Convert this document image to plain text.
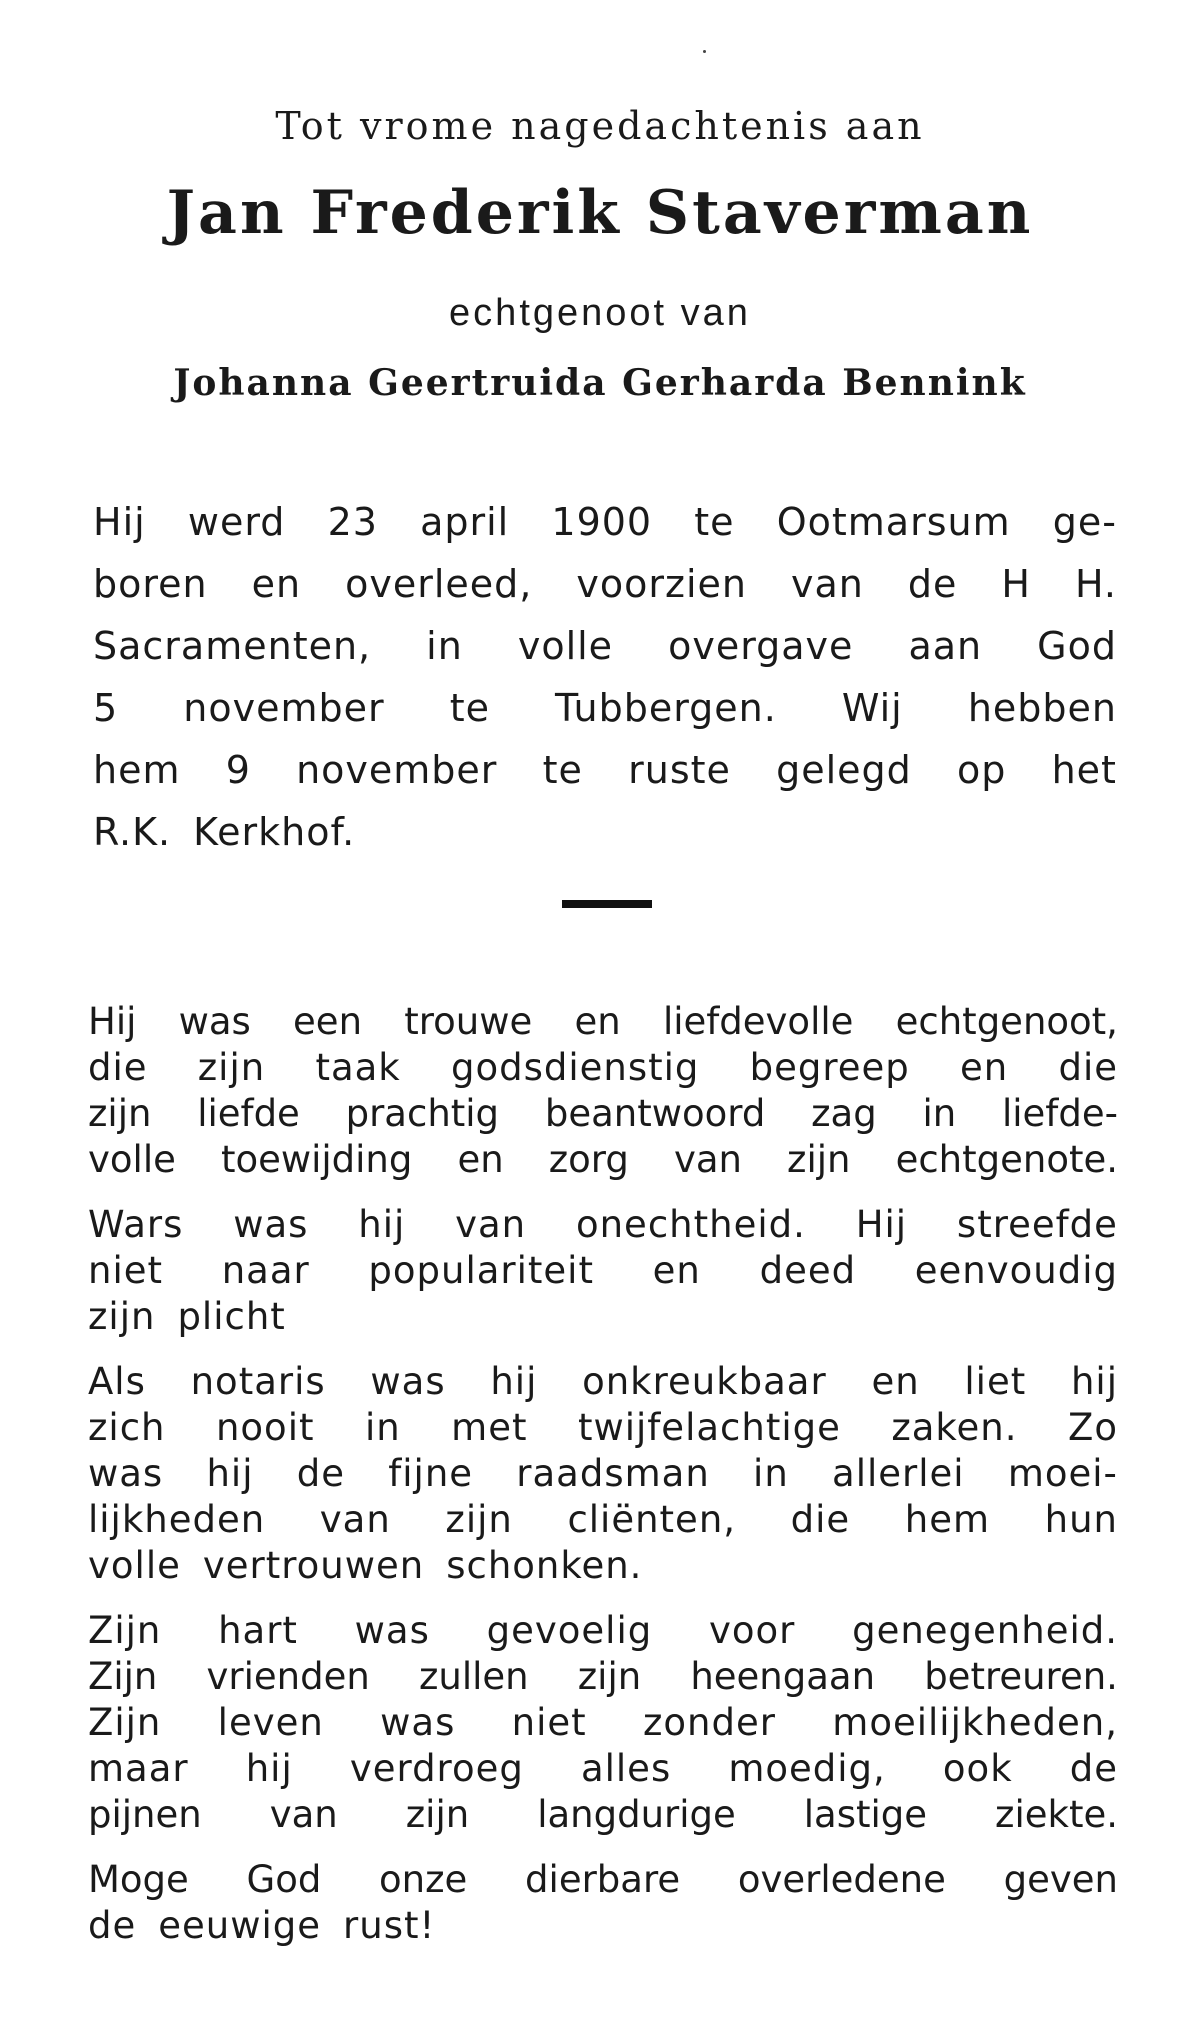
Tot vrome nagedachtenis aan
Jan Frederik Staverman
echtgenoot van
Johanna Geertruida Gerharda Bennink
Hij werd 23 april 1900 te Ootmarsum ge-
boren en overleed, voorzien van de H H.
Sacramenten, in volle overgave aan God
5 november te Tubbergen. Wij hebben
hem 9 november te ruste gelegd op het
R.K. Kerkhof.
Hij was een trouwe en liefdevolle echtgenoot,
die zijn taak godsdienstig begreep en die
zijn liefde prachtig beantwoord zag in liefde-
volle toewijding en zorg van zijn echtgenote.
Wars was hij van onechtheid. Hij streefde
niet naar populariteit en deed eenvoudig
zijn plicht
Als notaris was hij onkreukbaar en liet hij
zich nooit in met twijfelachtige zaken. Zo
was hij de fijne raadsman in allerlei moei-
lijkheden van zijn cliënten, die hem hun
volle vertrouwen schonken.
Zijn hart was gevoelig voor genegenheid.
Zijn vrienden zullen zijn heengaan betreuren.
Zijn leven was niet zonder moeilijkheden,
maar hij verdroeg alles moedig, ook de
pijnen van zijn langdurige lastige ziekte.
Moge God onze dierbare overledene geven
de eeuwige rust!
